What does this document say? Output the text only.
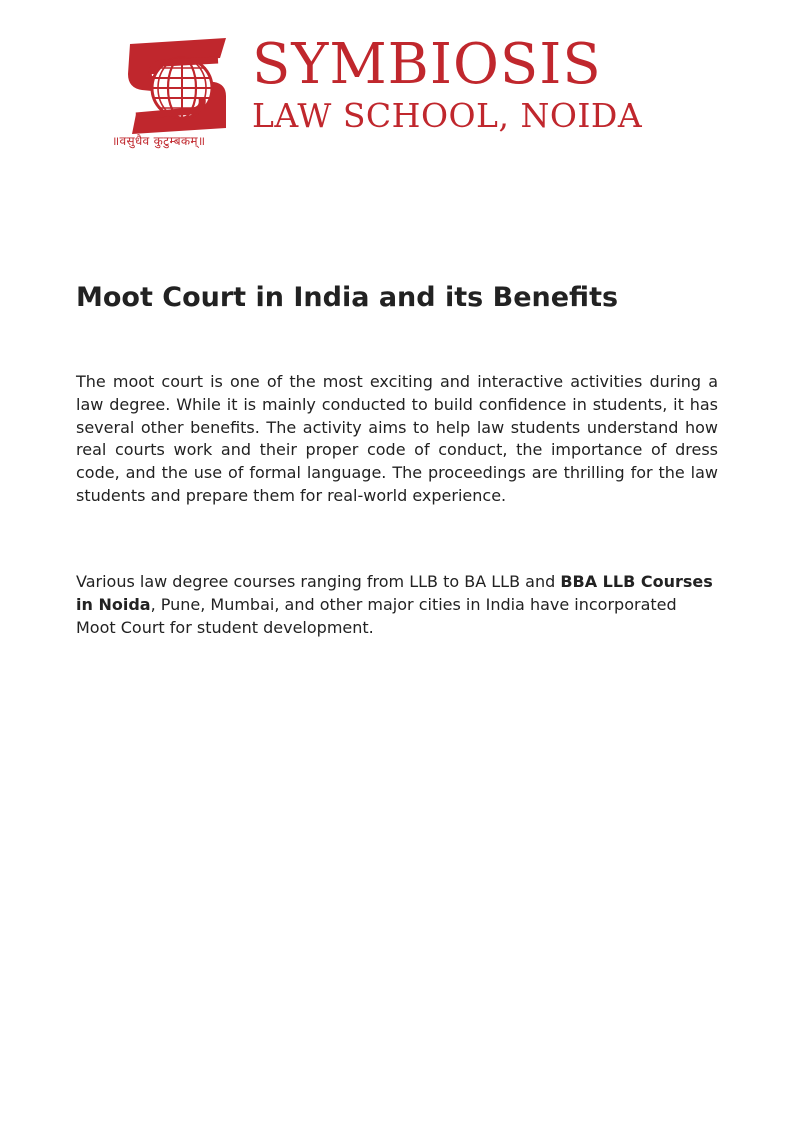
॥वसुधैव कुटुम्बकम्॥
SYMBIOSIS
LAW SCHOOL, NOIDA
Moot Court in India and its Benefits

The moot court is one of the most exciting and interactive activities during a law degree. While it is mainly conducted to build confidence in students, it has several other benefits. The activity aims to help law students understand how real courts work and their proper code of conduct, the importance of dress code, and the use of formal language. The proceedings are thrilling for the law students and prepare them for real-world experience.

Various law degree courses ranging from LLB to BA LLB and BBA LLB Courses in Noida, Pune, Mumbai, and other major cities in India have incorporated Moot Court for student development.
